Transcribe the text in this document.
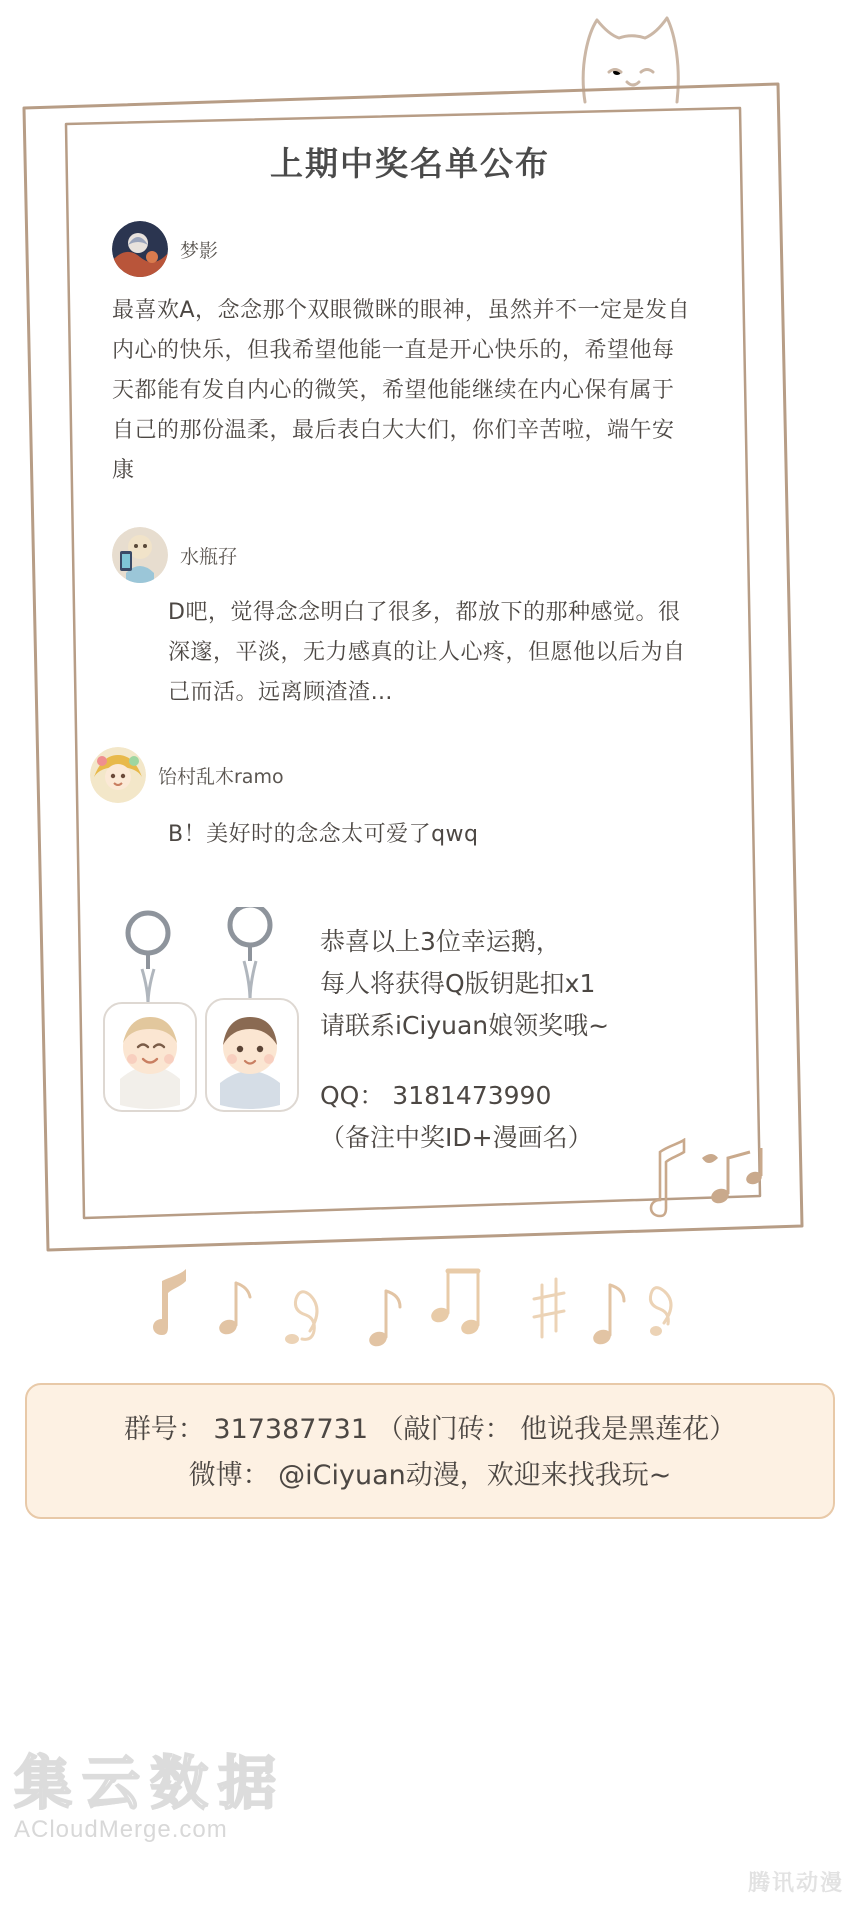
上期中奖名单公布
梦影
最喜欢A，念念那个双眼微眯的眼神，虽然并不一定是发自内心的快乐，但我希望他能一直是开心快乐的，希望他每天都能有发自内心的微笑，希望他能继续在内心保有属于自己的那份温柔，最后表白大大们，你们辛苦啦，端午安康
水瓶孖
D吧，觉得念念明白了很多，都放下的那种感觉。很深邃，平淡，无力感真的让人心疼，但愿他以后为自己而活。远离顾渣渣…
饴村乱木ramo
B！美好时的念念太可爱了qwq
恭喜以上3位幸运鹅，
每人将获得Q版钥匙扣x1
请联系iCiyuan娘领奖哦~
QQ： 3181473990
（备注中奖ID+漫画名）
群号： 317387731 （敲门砖： 他说我是黑莲花）
微博： @iCiyuan动漫，欢迎来找我玩~
集云数据
ACloudMerge.com
腾讯动漫
